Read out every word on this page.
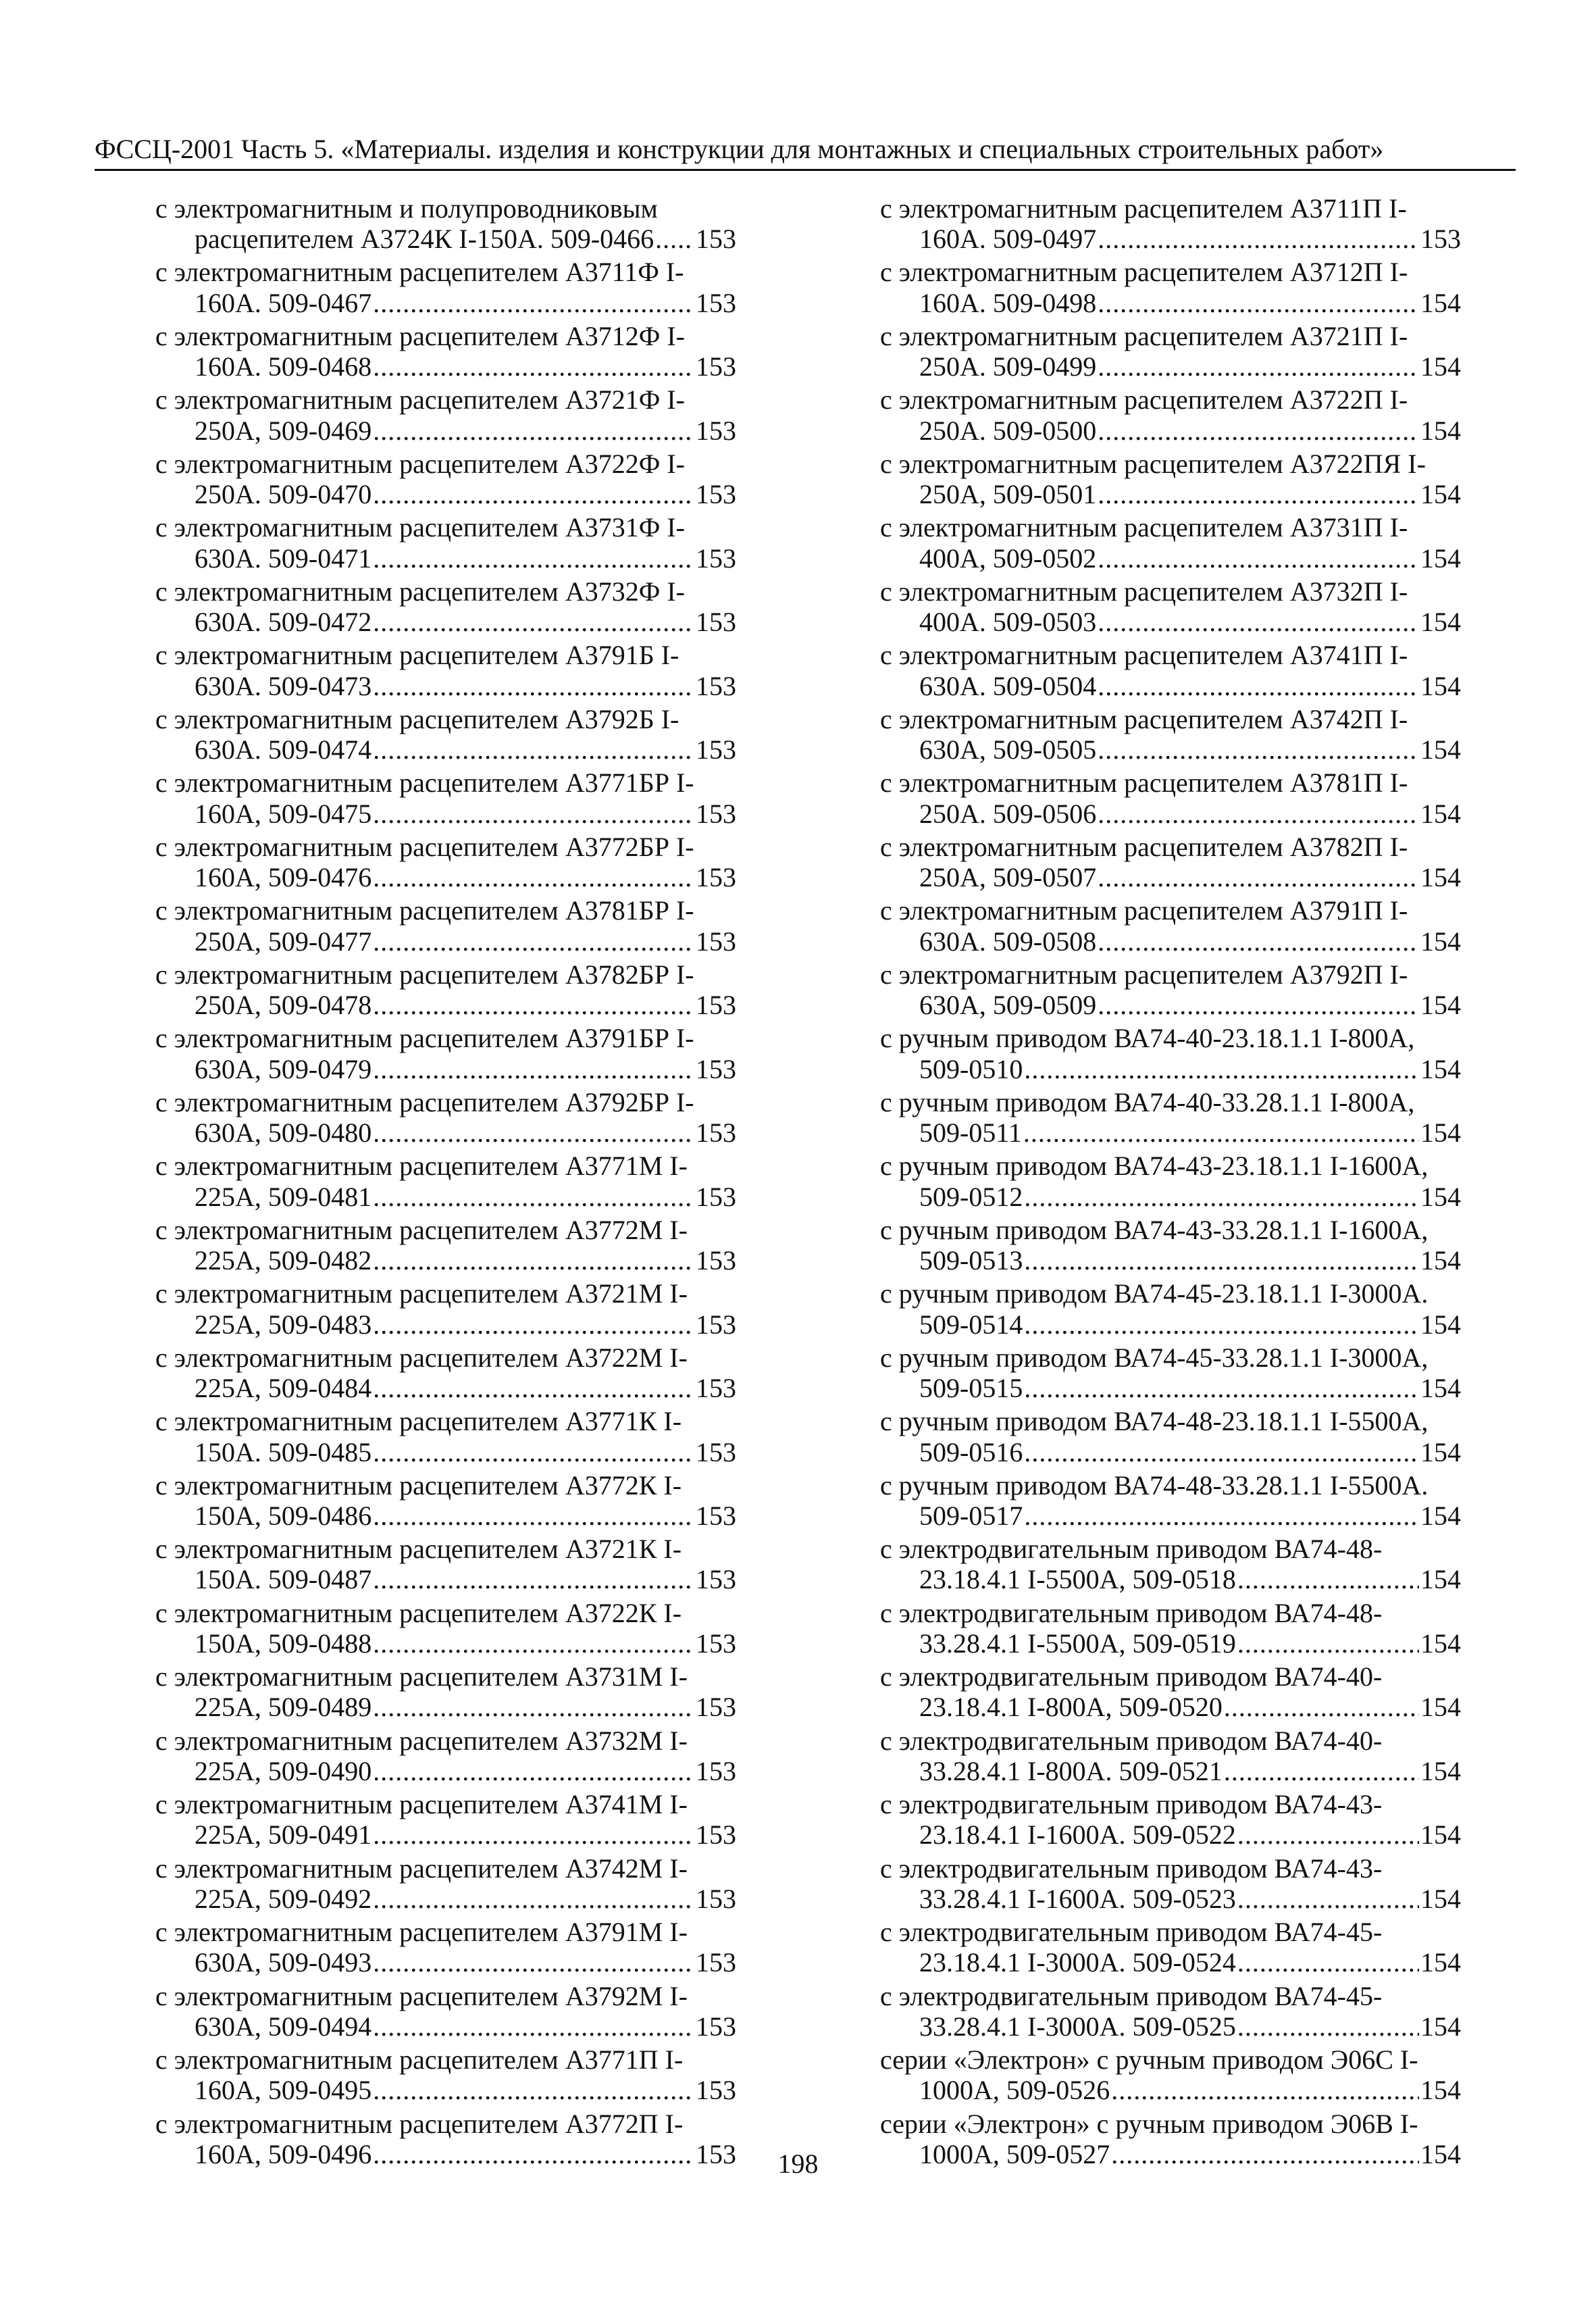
ФССЦ-2001 Часть 5. «Материалы. изделия и конструкции для монтажных и специальных строительных работ»
с электромагнитным и полупроводниковым
расцепителем А3724К I-150А. 509-0466 ..... 153
с электромагнитным расцепителем А3711Ф I-
160А. 509-0467 .....	153
с электромагнитным расцепителем А3712Ф I-
160А. 509-0468 .....	153
с электромагнитным расцепителем А3721Ф I-
250А, 509-0469 .....	153
с электромагнитным расцепителем А3722Ф I-
250А. 509-0470 .....	153
с электромагнитным расцепителем А3731Ф I-
630А. 509-0471 .....	153
с электромагнитным расцепителем А3732Ф I-
630А. 509-0472 .....	153
с электромагнитным расцепителем А3791Б I-
630А. 509-0473 .....	153
с электромагнитным расцепителем А3792Б I-
630А. 509-0474 .....	153
с электромагнитным расцепителем А3771БР I-
160А, 509-0475 .....	153
с электромагнитным расцепителем А3772БР I-
160А, 509-0476 .....	153
с электромагнитным расцепителем А3781БР I-
250А, 509-0477 .....	153
с электромагнитным расцепителем А3782БР I-
250А, 509-0478 .....	153
с электромагнитным расцепителем А3791БР I-
630А, 509-0479 .....	153
с электромагнитным расцепителем А3792БР I-
630А, 509-0480 .....	153
с электромагнитным расцепителем А3771М I-
225А, 509-0481 .....	153
с электромагнитным расцепителем А3772М I-
225А, 509-0482 .....	153
с электромагнитным расцепителем А3721М I-
225А, 509-0483 .....	153
с электромагнитным расцепителем А3722М I-
225А, 509-0484 .....	153
с электромагнитным расцепителем А3771К I-
150А. 509-0485 .....	153
с электромагнитным расцепителем А3772К I-
150А, 509-0486 .....	153
с электромагнитным расцепителем А3721К I-
150А. 509-0487 .....	153
с электромагнитным расцепителем А3722К I-
150А, 509-0488 .....	153
с электромагнитным расцепителем А3731М I-
225А, 509-0489 .....	153
с электромагнитным расцепителем А3732М I-
225А, 509-0490 .....	153
с электромагнитным расцепителем А3741М I-
225А, 509-0491 .....	153
с электромагнитным расцепителем А3742М I-
225А, 509-0492 .....	153
с электромагнитным расцепителем А3791М I-
630А, 509-0493 .....	153
с электромагнитным расцепителем А3792М I-
630А, 509-0494 .....	153
с электромагнитным расцепителем А3771П I-
160А, 509-0495 .....	153
с электромагнитным расцепителем А3772П I-
160А, 509-0496 .....	153
с электромагнитным расцепителем А3711П I-
160А. 509-0497 .....	153
с электромагнитным расцепителем А3712П I-
160А. 509-0498 .....	154
с электромагнитным расцепителем А3721П I-
250А. 509-0499 .....	154
с электромагнитным расцепителем А3722П I-
250А. 509-0500 .....	154
с электромагнитным расцепителем А3722ПЯ I-
250А, 509-0501 .....	154
с электромагнитным расцепителем А3731П I-
400А, 509-0502 .....	154
с электромагнитным расцепителем А3732П I-
400А. 509-0503 .....	154
с электромагнитным расцепителем А3741П I-
630А. 509-0504 .....	154
с электромагнитным расцепителем А3742П I-
630А, 509-0505 .....	154
с электромагнитным расцепителем А3781П I-
250А. 509-0506 .....	154
с электромагнитным расцепителем А3782П I-
250А, 509-0507 .....	154
с электромагнитным расцепителем А3791П I-
630А. 509-0508 .....	154
с электромагнитным расцепителем А3792П I-
630А, 509-0509 .....	154
с ручным приводом ВА74-40-23.18.1.1 I-800А,
509-0510 .....	154
с ручным приводом ВА74-40-33.28.1.1 I-800А,
509-0511 .....	154
с ручным приводом ВА74-43-23.18.1.1 I-1600А,
509-0512 .....	154
с ручным приводом ВА74-43-33.28.1.1 I-1600А,
509-0513 .....	154
с ручным приводом ВА74-45-23.18.1.1 I-3000А.
509-0514 .....	154
с ручным приводом ВА74-45-33.28.1.1 I-3000А,
509-0515 .....	154
с ручным приводом ВА74-48-23.18.1.1 I-5500А,
509-0516 .....	154
с ручным приводом ВА74-48-33.28.1.1 I-5500А.
509-0517 .....	154
с электродвигательным приводом ВА74-48-
23.18.4.1 I-5500А, 509-0518 .....	154
с электродвигательным приводом ВА74-48-
33.28.4.1 I-5500А, 509-0519 .....	154
с электродвигательным приводом ВА74-40-
23.18.4.1 I-800А, 509-0520 .....	154
с электродвигательным приводом ВА74-40-
33.28.4.1 I-800А. 509-0521 .....	154
с электродвигательным приводом ВА74-43-
23.18.4.1 I-1600А. 509-0522 .....	154
с электродвигательным приводом ВА74-43-
33.28.4.1 I-1600А. 509-0523 .....	154
с электродвигательным приводом ВА74-45-
23.18.4.1 I-3000А. 509-0524 .....	154
с электродвигательным приводом ВА74-45-
33.28.4.1 I-3000А. 509-0525 .....	154
серии «Электрон» с ручным приводом Э06С I-
1000А, 509-0526 .....	154
серии «Электрон» с ручным приводом Э06В I-
1000А, 509-0527 .....	154
198
